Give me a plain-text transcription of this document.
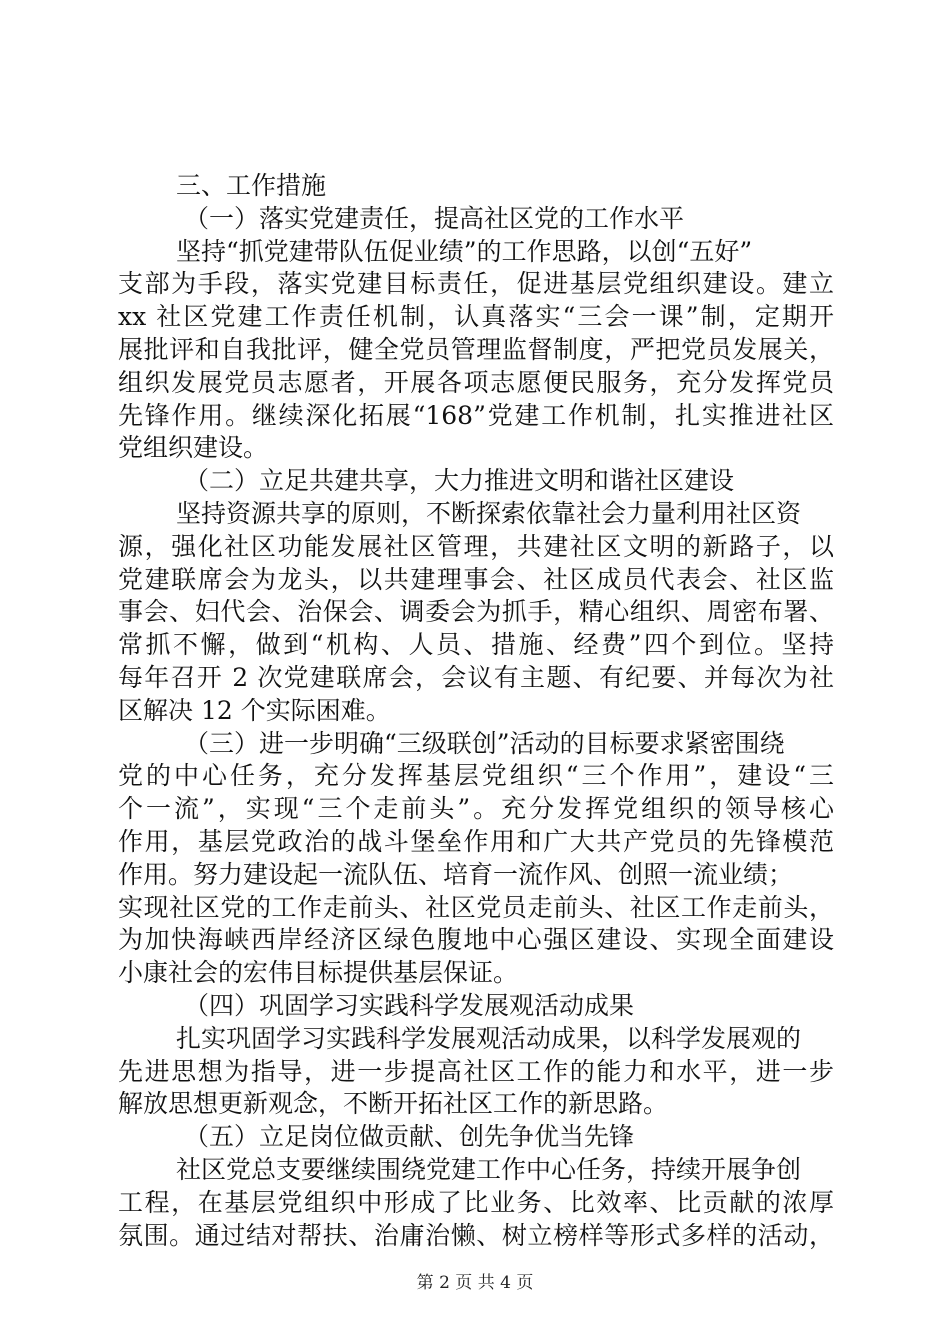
三、工作措施
（一）落实党建责任，提高社区党的工作水平
坚持“抓党建带队伍促业绩”的工作思路，以创“五好”
支部为手段，落实党建目标责任，促进基层党组织建设。建立
xx 社区党建工作责任机制，认真落实“三会一课”制，定期开
展批评和自我批评，健全党员管理监督制度，严把党员发展关，
组织发展党员志愿者，开展各项志愿便民服务，充分发挥党员
先锋作用。继续深化拓展“168”党建工作机制，扎实推进社区
党组织建设。
（二）立足共建共享，大力推进文明和谐社区建设
坚持资源共享的原则，不断探索依靠社会力量利用社区资
源，强化社区功能发展社区管理，共建社区文明的新路子，以
党建联席会为龙头，以共建理事会、社区成员代表会、社区监
事会、妇代会、治保会、调委会为抓手，精心组织、周密布署、
常抓不懈，做到“机构、人员、措施、经费”四个到位。坚持
每年召开 2 次党建联席会，会议有主题、有纪要、并每次为社
区解决 12 个实际困难。
（三）进一步明确“三级联创”活动的目标要求紧密围绕
党的中心任务，充分发挥基层党组织“三个作用”，建设“三
个一流”，实现“三个走前头”。充分发挥党组织的领导核心
作用，基层党政治的战斗堡垒作用和广大共产党员的先锋模范
作用。努力建设起一流队伍、培育一流作风、创照一流业绩；
实现社区党的工作走前头、社区党员走前头、社区工作走前头，
为加快海峡西岸经济区绿色腹地中心强区建设、实现全面建设
小康社会的宏伟目标提供基层保证。
（四）巩固学习实践科学发展观活动成果
扎实巩固学习实践科学发展观活动成果，以科学发展观的
先进思想为指导，进一步提高社区工作的能力和水平，进一步
解放思想更新观念，不断开拓社区工作的新思路。
（五）立足岗位做贡献、创先争优当先锋
社区党总支要继续围绕党建工作中心任务，持续开展争创
工程，在基层党组织中形成了比业务、比效率、比贡献的浓厚
氛围。通过结对帮扶、治庸治懒、树立榜样等形式多样的活动，
第 2 页 共 4 页
